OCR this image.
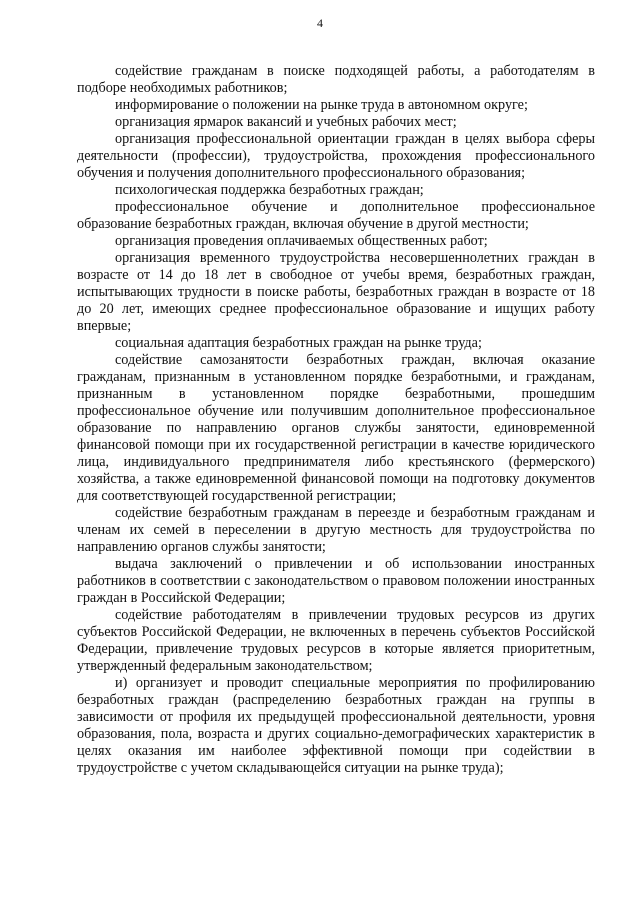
4

содействие гражданам в поиске подходящей работы, а работодателям в подборе необходимых работников;

информирование о положении на рынке труда в автономном округе;

организация ярмарок вакансий и учебных рабочих мест;

организация профессиональной ориентации граждан в целях выбора сферы деятельности (профессии), трудоустройства, прохождения профессионального обучения и получения дополнительного профессионального образования;

психологическая поддержка безработных граждан;

профессиональное обучение и дополнительное профессиональное образование безработных граждан, включая обучение в другой местности;

организация проведения оплачиваемых общественных работ;

организация временного трудоустройства несовершеннолетних граждан в возрасте от 14 до 18 лет в свободное от учебы время, безработных граждан, испытывающих трудности в поиске работы, безработных граждан в возрасте от 18 до 20 лет, имеющих среднее профессиональное образование и ищущих работу впервые;

социальная адаптация безработных граждан на рынке труда;

содействие самозанятости безработных граждан, включая оказание гражданам, признанным в установленном порядке безработными, и гражданам, признанным в установленном порядке безработными, прошедшим профессиональное обучение или получившим дополнительное профессиональное образование по направлению органов службы занятости, единовременной финансовой помощи при их государственной регистрации в качестве юридического лица, индивидуального предпринимателя либо крестьянского (фермерского) хозяйства, а также единовременной финансовой помощи на подготовку документов для соответствующей государственной регистрации;

содействие безработным гражданам в переезде и безработным гражданам и членам их семей в переселении в другую местность для трудоустройства по направлению органов службы занятости;

выдача заключений о привлечении и об использовании иностранных работников в соответствии с законодательством о правовом положении иностранных граждан в Российской Федерации;

содействие работодателям в привлечении трудовых ресурсов из других субъектов Российской Федерации, не включенных в перечень субъектов Российской Федерации, привлечение трудовых ресурсов в которые является приоритетным, утвержденный федеральным законодательством;

и) организует и проводит специальные мероприятия по профилированию безработных граждан (распределению безработных граждан на группы в зависимости от профиля их предыдущей профессиональной деятельности, уровня образования, пола, возраста и других социально-демографических характеристик в целях оказания им наиболее эффективной помощи при содействии в трудоустройстве с учетом складывающейся ситуации на рынке труда);
